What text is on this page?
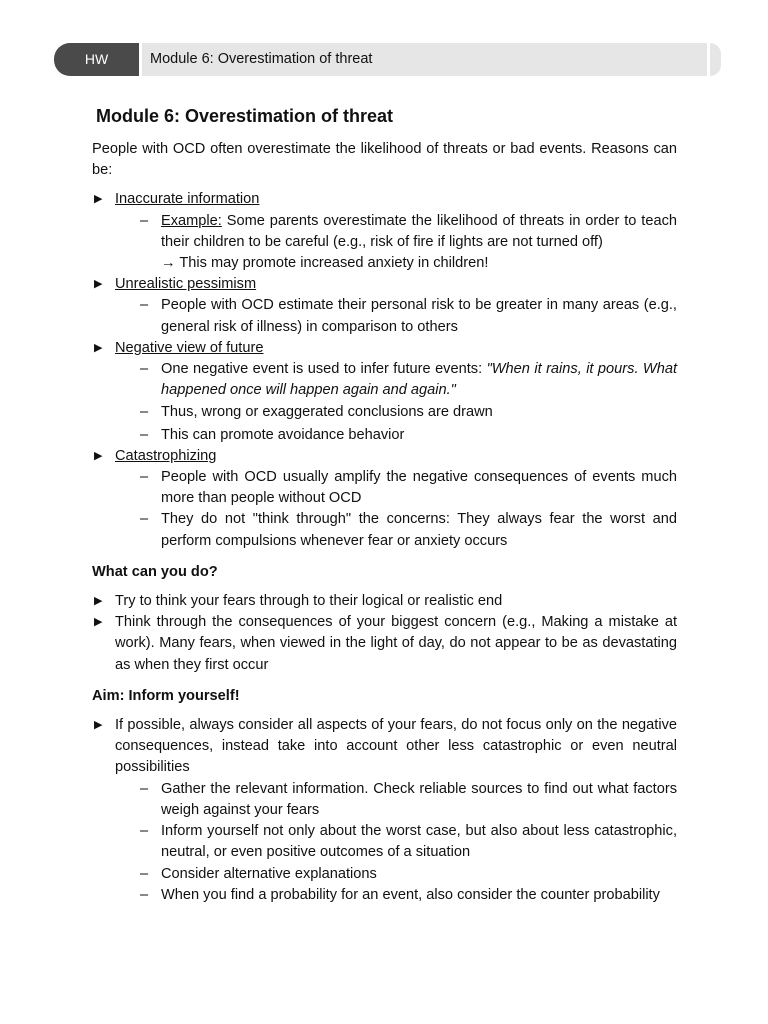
HW	Module 6: Overestimation of threat
Module 6: Overestimation of threat

People with OCD often overestimate the likelihood of threats or bad events. Reasons can be:

▶ Inaccurate information
– Example: Some parents overestimate the likelihood of threats in order to teach their children to be careful (e.g., risk of fire if lights are not turned off)
→ This may promote increased anxiety in children!
▶ Unrealistic pessimism
– People with OCD estimate their personal risk to be greater in many areas (e.g., general risk of illness) in comparison to others
▶ Negative view of future
– One negative event is used to infer future events: "When it rains, it pours. What happened once will happen again and again."
– Thus, wrong or exaggerated conclusions are drawn
– This can promote avoidance behavior
▶ Catastrophizing
– People with OCD usually amplify the negative consequences of events much more than people without OCD
– They do not "think through" the concerns: They always fear the worst and perform compulsions whenever fear or anxiety occurs

What can you do?

▶ Try to think your fears through to their logical or realistic end
▶ Think through the consequences of your biggest concern (e.g., Making a mistake at work). Many fears, when viewed in the light of day, do not appear to be as devastating as when they first occur

Aim: Inform yourself!

▶ If possible, always consider all aspects of your fears, do not focus only on the negative consequences, instead take into account other less catastrophic or even neutral possibilities
– Gather the relevant information. Check reliable sources to find out what factors weigh against your fears
– Inform yourself not only about the worst case, but also about less catastrophic, neutral, or even positive outcomes of a situation
– Consider alternative explanations
– When you find a probability for an event, also consider the counter probability
